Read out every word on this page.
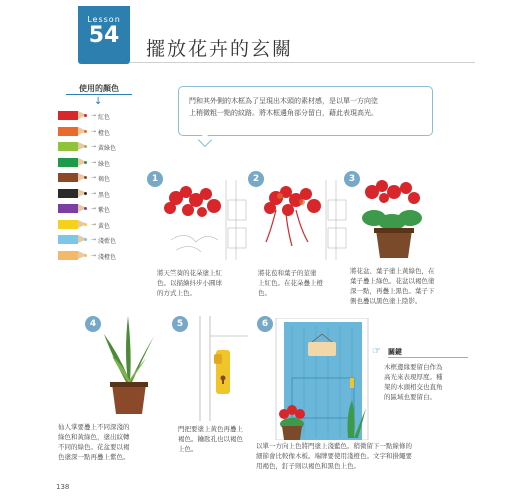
Lesson
54
擺放花卉的玄關
使用的顏色
↓
→ 紅色
→ 橙色
→ 黃綠色
→ 綠色
→ 褐色
→ 黑色
→ 紫色
→ 黃色
→ 淺藍色
→ 淺橙色
門和其外側的木框為了呈現出木頭的素材感，是以單一方向塗
上稍微粗一點的紋路。將木框邊角部分留白，藉此表現高光。
1
將天竺葵的花朵塗上紅
色。以描繪抖步小圓球
的方式上色。
2
將花苞和葉子的莖塗
上紅色。在花朵疊上橙
色。
3
將花盆、葉子塗上黃綠色，在
葉子疊上綠色。花盆以褐色塗
深一點，再疊上黑色。葉子下
側也疊以黑色塗上陰影。
4
仙人掌要疊上不同深淺的
綠色和黃綠色，塗出紋轉
不同的綠色。花盆要以褐
色塗深一點再疊上紫色。
5
門把要塗上黃色再疊上
褐色。鑰匙孔也以褐色
上色。
6
以單一方向上色將門塗上淺藍色。稍微留下一點線條的
細節會比較像木板。端牌要使用淺橙色。文字和掛繩要
用褐色，釘子則以褐色和黑色上色。
☞ 關鍵
木框邊緣要留白作為
高光來表現厚度。種
架的木頭相交也直角
的區域也要留白。
138
